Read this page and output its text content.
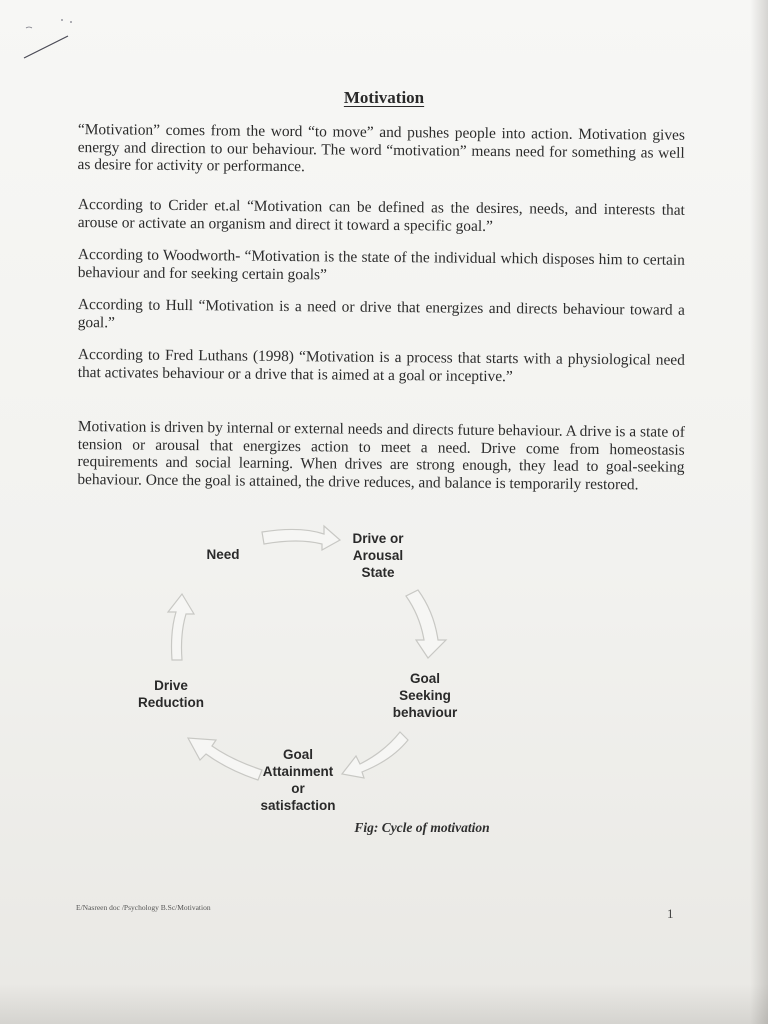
Motivation

“Motivation” comes from the word “to move” and pushes people into action. Motivation gives energy and direction to our behaviour. The word “motivation” means need for something as well as desire for activity or performance.

According to Crider et.al “Motivation can be defined as the desires, needs, and interests that arouse or activate an organism and direct it toward a specific goal.”

According to Woodworth- “Motivation is the state of the individual which disposes him to certain behaviour and for seeking certain goals”

According to Hull “Motivation is a need or drive that energizes and directs behaviour toward a goal.”

According to Fred Luthans (1998) “Motivation is a process that starts with a physiological need that activates behaviour or a drive that is aimed at a goal or inceptive.”

Motivation is driven by internal or external needs and directs future behaviour. A drive is a state of tension or arousal that energizes action to meet a need. Drive come from homeostasis requirements and social learning. When drives are strong enough, they lead to goal-seeking behaviour. Once the goal is attained, the drive reduces, and balance is temporarily restored.

Need
Drive or
Arousal
State
Goal
Seeking
behaviour
Goal
Attainment
or
satisfaction
Drive
Reduction
Fig: Cycle of motivation
E/Nasreen doc /Psychology B.Sc/Motivation	1
